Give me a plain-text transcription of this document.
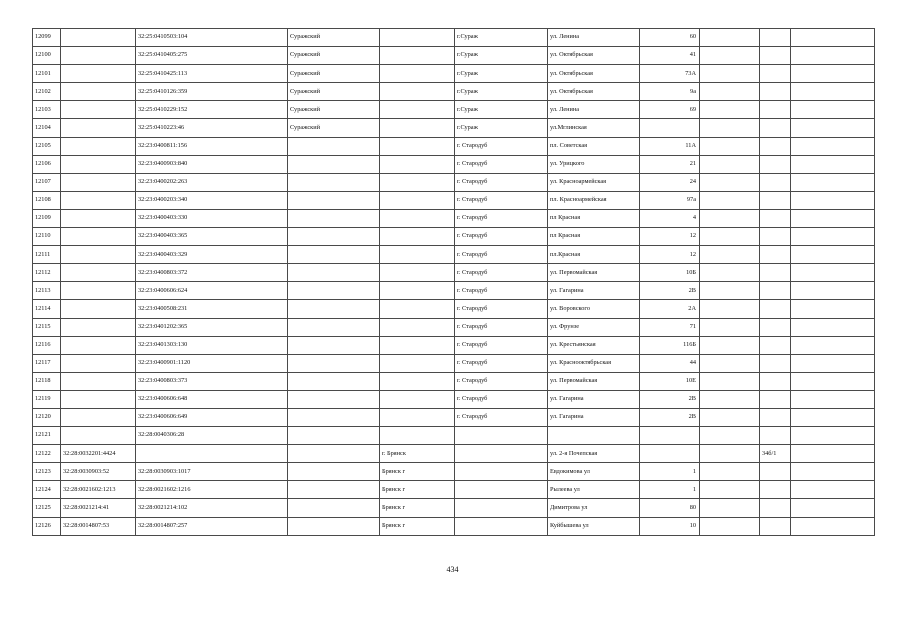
12099		32:25:0410503:104	Суражский		г.Сураж	ул. Ленина	60			
12100		32:25:0410405:275	Суражский		г.Сураж	ул. Октябрьская	41			
12101		32:25:0410425:113	Суражский		г.Сураж	ул. Октябрьская	73А			
12102		32:25:0410126:359	Суражский		г.Сураж	ул. Октябрьская	9а			
12103		32:25:0410229:152	Суражский		г.Сураж	ул. Ленина	69			
12104		32:25:0410223:46	Суражский		г.Сураж	ул.Мглинская				
12105		32:23:0400811:156			г. Стародуб	пл. Советская	11А			
12106		32:23:0400903:840			г. Стародуб	ул. Урицкого	21			
12107		32:23:0400202:263			г. Стародуб	ул. Красноармейская	24			
12108		32:23:0400203:340			г. Стародуб	пл. Красноармейская	97а			
12109		32:23:0400403:330			г. Стародуб	пл Красная	4			
12110		32:23:0400403:365			г. Стародуб	пл Красная	12			
12111		32:23:0400403:329			г. Стародуб	пл.Красная	12			
12112		32:23:0400803:372			г. Стародуб	ул. Первомайская	10Б			
12113		32:23:0400606:624			г. Стародуб	ул. Гагарина	2В			
12114		32:23:0400508:231			г. Стародуб	ул. Воровского	2А			
12115		32:23:0401202:365			г. Стародуб	ул. Фрунзе	71			
12116		32:23:0401303:130			г. Стародуб	ул. Крестьянская	116Б			
12117		32:23:0400901:1120			г. Стародуб	ул. Красноoктябрьская	44			
12118		32:23:0400803:373			г. Стародуб	ул. Первомайская	10Е			
12119		32:23:0400606:648			г. Стародуб	ул. Гагарина	2В			
12120		32:23:0400606:649			г. Стародуб	ул. Гагарина	2В			
12121		32:28:0040306:28								
12122	32:28:0032201:4424			г. Брянск		ул. 2-я Почепская			34б/1	
12123	32:28:0030903:52	32:28:0030903:1017		Брянск г		Евдокимова ул	1			
12124	32:28:0021602:1213	32:28:0021602:1216		Брянск г		Рылеева ул	1			
12125	32:28:0021214:41	32:28:0021214:102		Брянск г		Димитрова ул	80			
12126	32:28:0014807:53	32:28:0014807:257		Брянск г		Куйбышева ул	10			
434
